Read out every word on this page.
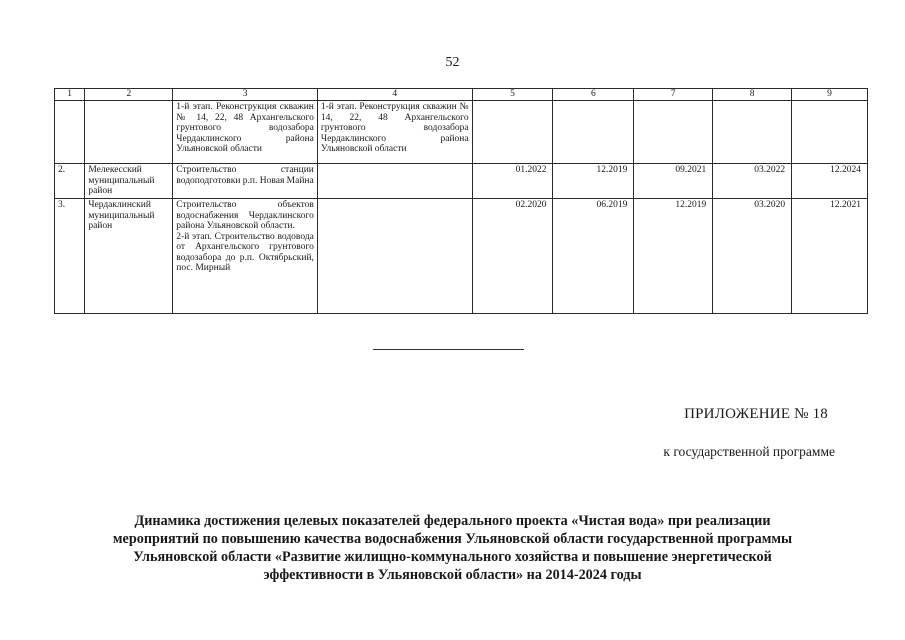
52
1	2	3	4	5	6	7	8	9
		1-й этап. Реконструкция скважин № 14, 22, 48 Архангельского грунтового водозабора Чердаклинского района Ульяновской области	1-й этап. Реконструкция скважин № 14, 22, 48 Архангельского грунтового водозабора Чердаклинского района Ульяновской области					
2.	Мелекесский муниципальный район	Строительство станции водоподготовки р.п. Новая Майна		01.2022	12.2019	09.2021	03.2022	12.2024
3.	Чердаклинский муниципальный район	Строительство объектов водоснабжения Чердаклинского района Ульяновской области.
2-й этап. Строительство водовода от Архангельского грунтового водозабора до р.п. Октябрьский, пос. Мирный		02.2020	06.2019	12.2019	03.2020	12.2021
ПРИЛОЖЕНИЕ № 18
к государственной программе
Динамика достижения целевых показателей федерального проекта «Чистая вода» при реализации
мероприятий по повышению качества водоснабжения Ульяновской области государственной программы
Ульяновской области «Развитие жилищно-коммунального хозяйства и повышение энергетической
эффективности в Ульяновской области» на 2014-2024 годы
